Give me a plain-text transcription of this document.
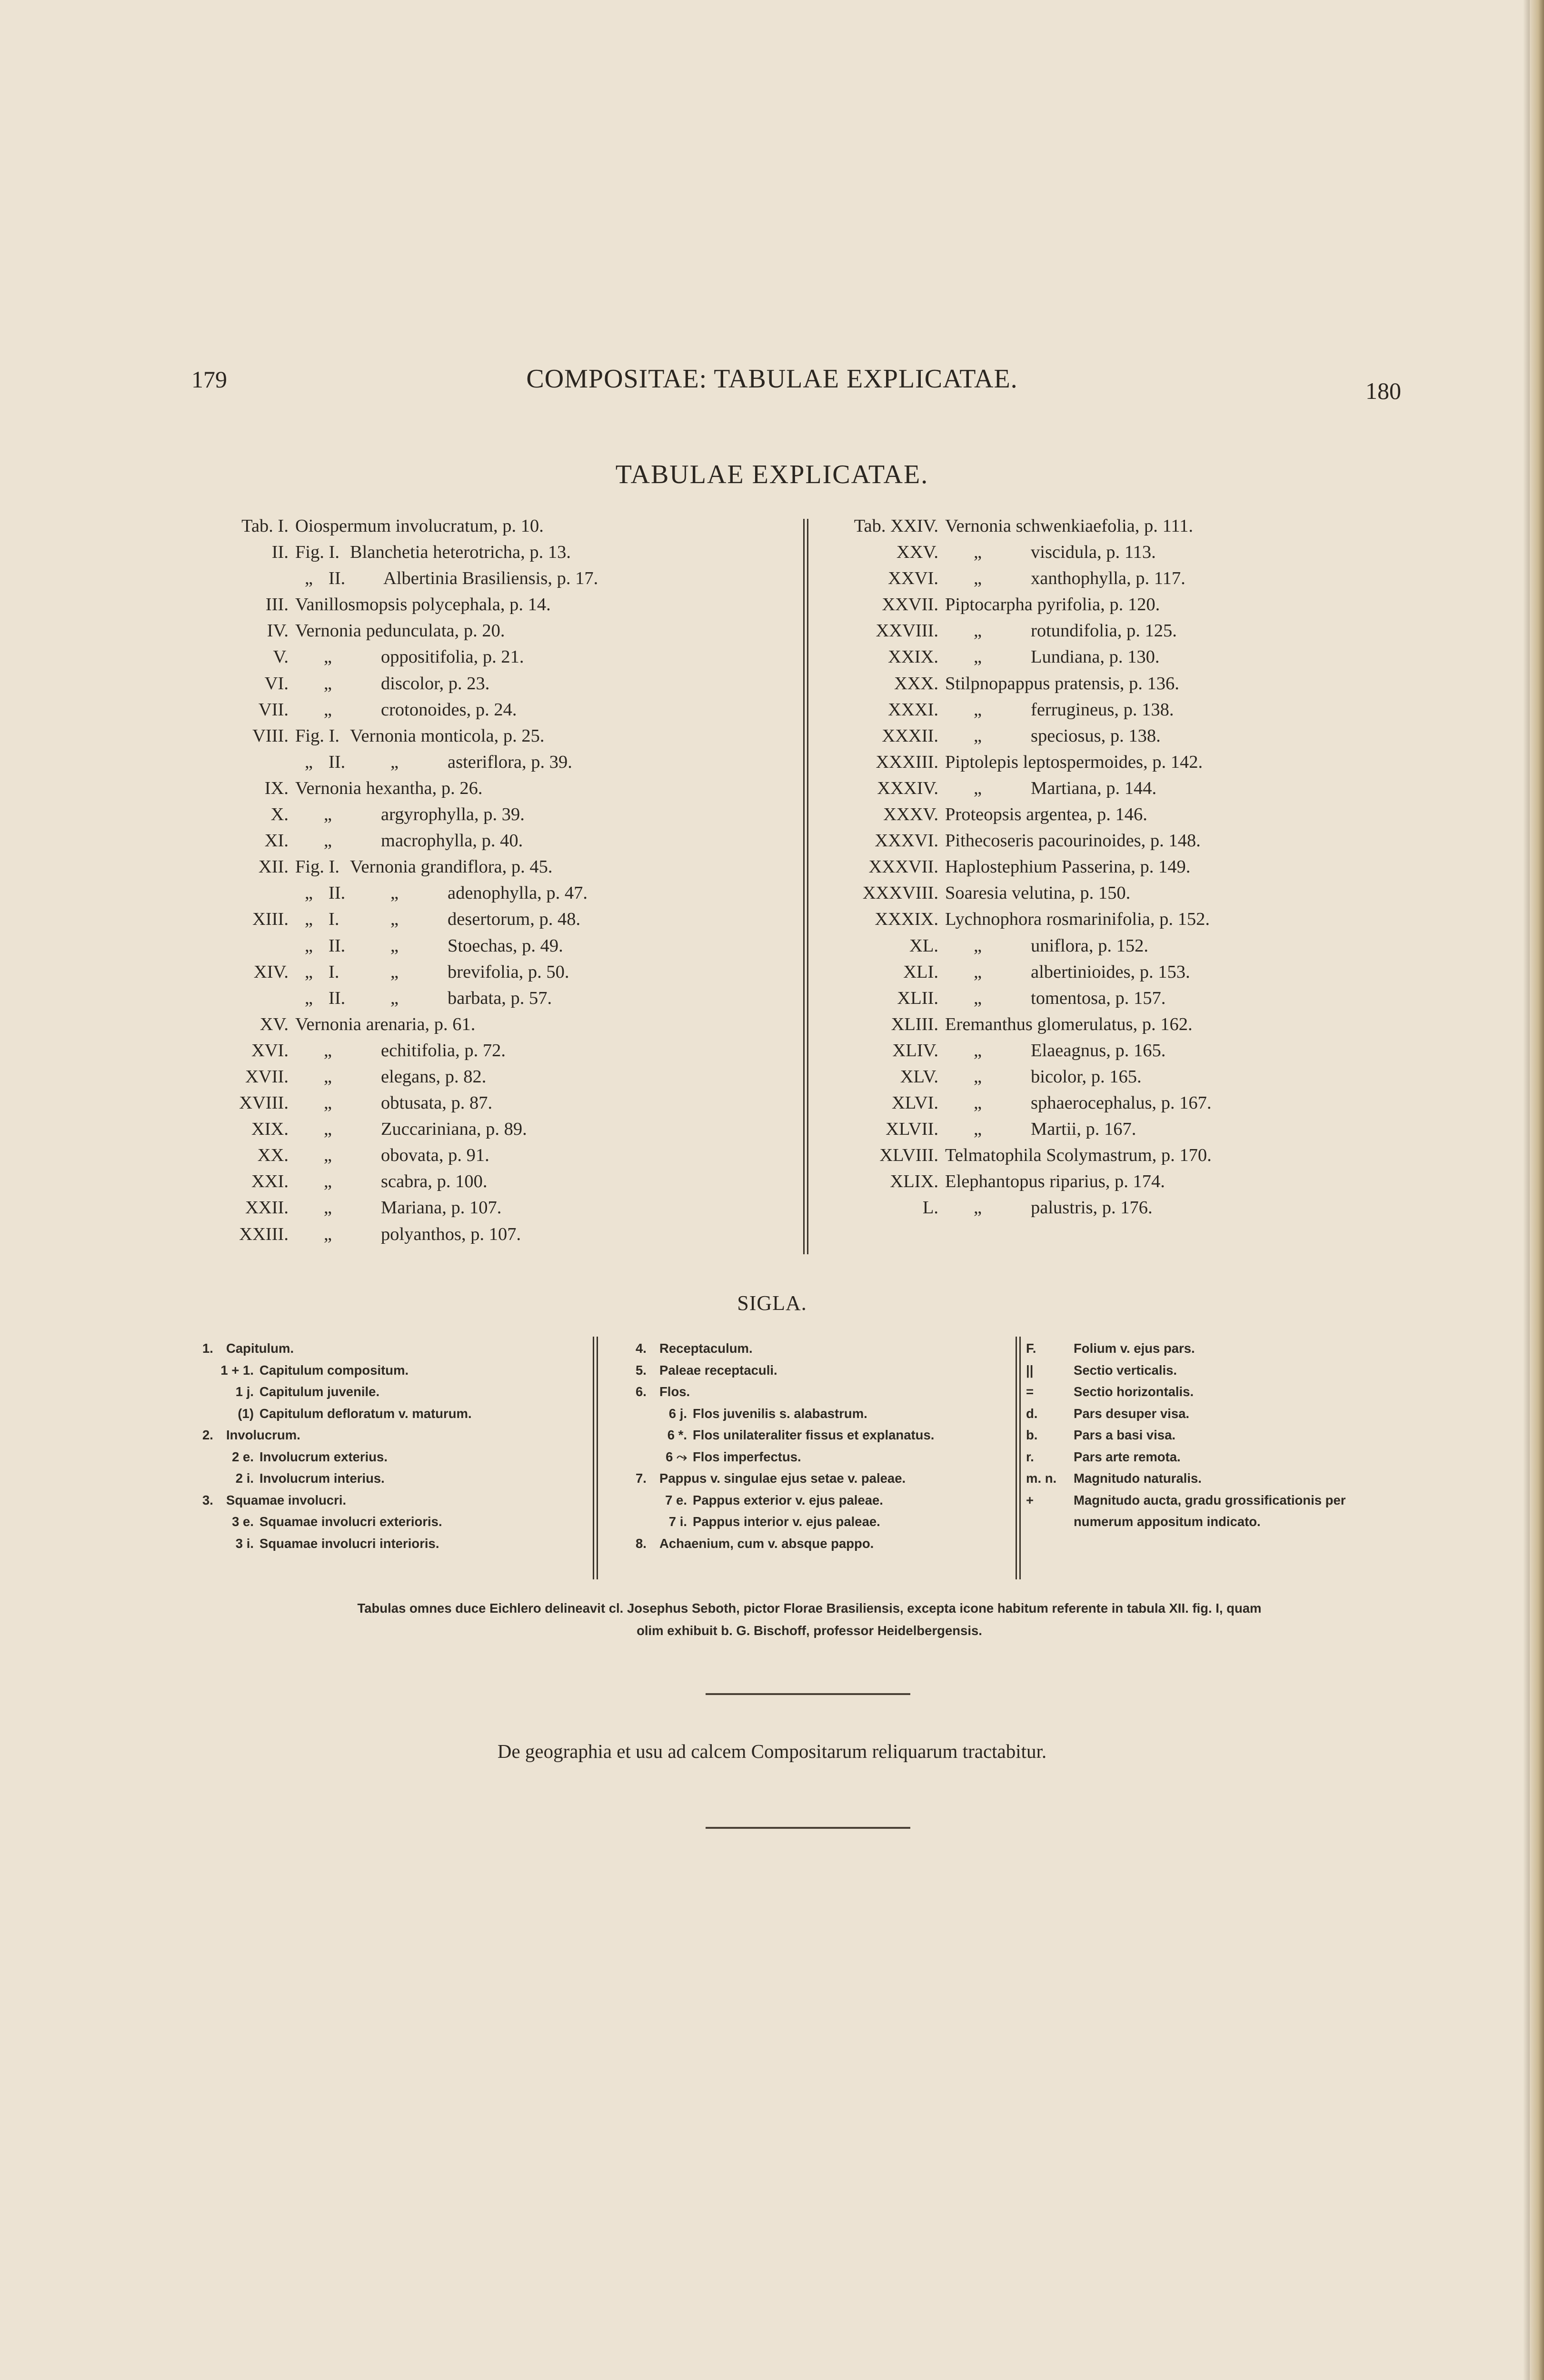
179	COMPOSITAE: TABULAE EXPLICATAE.	180
TABULAE EXPLICATAE.
Tab. I. Oiospermum involucratum, p. 10.
II. Fig. I. Blanchetia heterotricha, p. 13.
„ II. Albertinia Brasiliensis, p. 17.
III. Vanillosmopsis polycephala, p. 14.
IV. Vernonia pedunculata, p. 20.
V.	„	oppositifolia, p. 21.
VI.	„	discolor, p. 23.
VII.	„	crotonoides, p. 24.
VIII. Fig. I. Vernonia monticola, p. 25.
„ II. „	asteriflora, p. 39.
IX. Vernonia hexantha, p. 26.
X.	„	argyrophylla, p. 39.
XI.	„	macrophylla, p. 40.
XII. Fig. I. Vernonia grandiflora, p. 45.
„ II. „	adenophylla, p. 47.
XIII. „ I.	„	desertorum, p. 48.
„ II. „	Stoechas, p. 49.
XIV. „ I.	„	brevifolia, p. 50.
„ II. „	barbata, p. 57.
XV. Vernonia arenaria, p. 61.
XVI.	„	echitifolia, p. 72.
XVII.	„	elegans, p. 82.
XVIII.	„	obtusata, p. 87.
XIX.	„	Zuccariniana, p. 89.
XX.	„	obovata, p. 91.
XXI.	„	scabra, p. 100.
XXII.	„	Mariana, p. 107.
XXIII.	„	polyanthos, p. 107.
Tab. XXIV. Vernonia schwenkiaefolia, p. 111.
XXV.	„	viscidula, p. 113.
XXVI.	„	xanthophylla, p. 117.
XXVII. Piptocarpha pyrifolia, p. 120.
XXVIII.	„	rotundifolia, p. 125.
XXIX.	„	Lundiana, p. 130.
XXX. Stilpnopappus pratensis, p. 136.
XXXI.	„	ferrugineus, p. 138.
XXXII.	„	speciosus, p. 138.
XXXIII. Piptolepis leptospermoides, p. 142.
XXXIV.	„	Martiana, p. 144.
XXXV. Proteopsis argentea, p. 146.
XXXVI. Pithecoseris pacourinoides, p. 148.
XXXVII. Haplostephium Passerina, p. 149.
XXXVIII. Soaresia velutina, p. 150.
XXXIX. Lychnophora rosmarinifolia, p. 152.
XL.	„	uniflora, p. 152.
XLI.	„	albertinioides, p. 153.
XLII.	„	tomentosa, p. 157.
XLIII. Eremanthus glomerulatus, p. 162.
XLIV.	„	Elaeagnus, p. 165.
XLV.	„	bicolor, p. 165.
XLVI.	„	sphaerocephalus, p. 167.
XLVII.	„	Martii, p. 167.
XLVIII. Telmatophila Scolymastrum, p. 170.
XLIX. Elephantopus riparius, p. 174.
L.	„	palustris, p. 176.
SIGLA.
1. Capitulum.
1 + 1. Capitulum compositum.
1 j. Capitulum juvenile.
(1) Capitulum defloratum v. maturum.
2. Involucrum.
2 e. Involucrum exterius.
2 i. Involucrum interius.
3. Squamae involucri.
3 e. Squamae involucri exterioris.
3 i. Squamae involucri interioris.
4. Receptaculum.
5. Paleae receptaculi.
6. Flos.
6 j. Flos juvenilis s. alabastrum.
6 *. Flos unilateraliter fissus et explanatus.
6 ⤳ Flos imperfectus.
7. Pappus v. singulae ejus setae v. paleae.
7 e. Pappus exterior v. ejus paleae.
7 i. Pappus interior v. ejus paleae.
8. Achaenium, cum v. absque pappo.
F.	Folium v. ejus pars.
||	Sectio verticalis.
=	Sectio horizontalis.
d.	Pars desuper visa.
b.	Pars a basi visa.
r.	Pars arte remota.
m. n.	Magnitudo naturalis.
+	Magnitudo aucta, gradu grossificationis per
numerum appositum indicato.
Tabulas omnes duce Eichlero delineavit cl. Josephus Seboth, pictor Florae Brasiliensis, excepta icone habitum referente in tabula XII. fig. I, quam
olim exhibuit b. G. Bischoff, professor Heidelbergensis.
De geographia et usu ad calcem Compositarum reliquarum tractabitur.
